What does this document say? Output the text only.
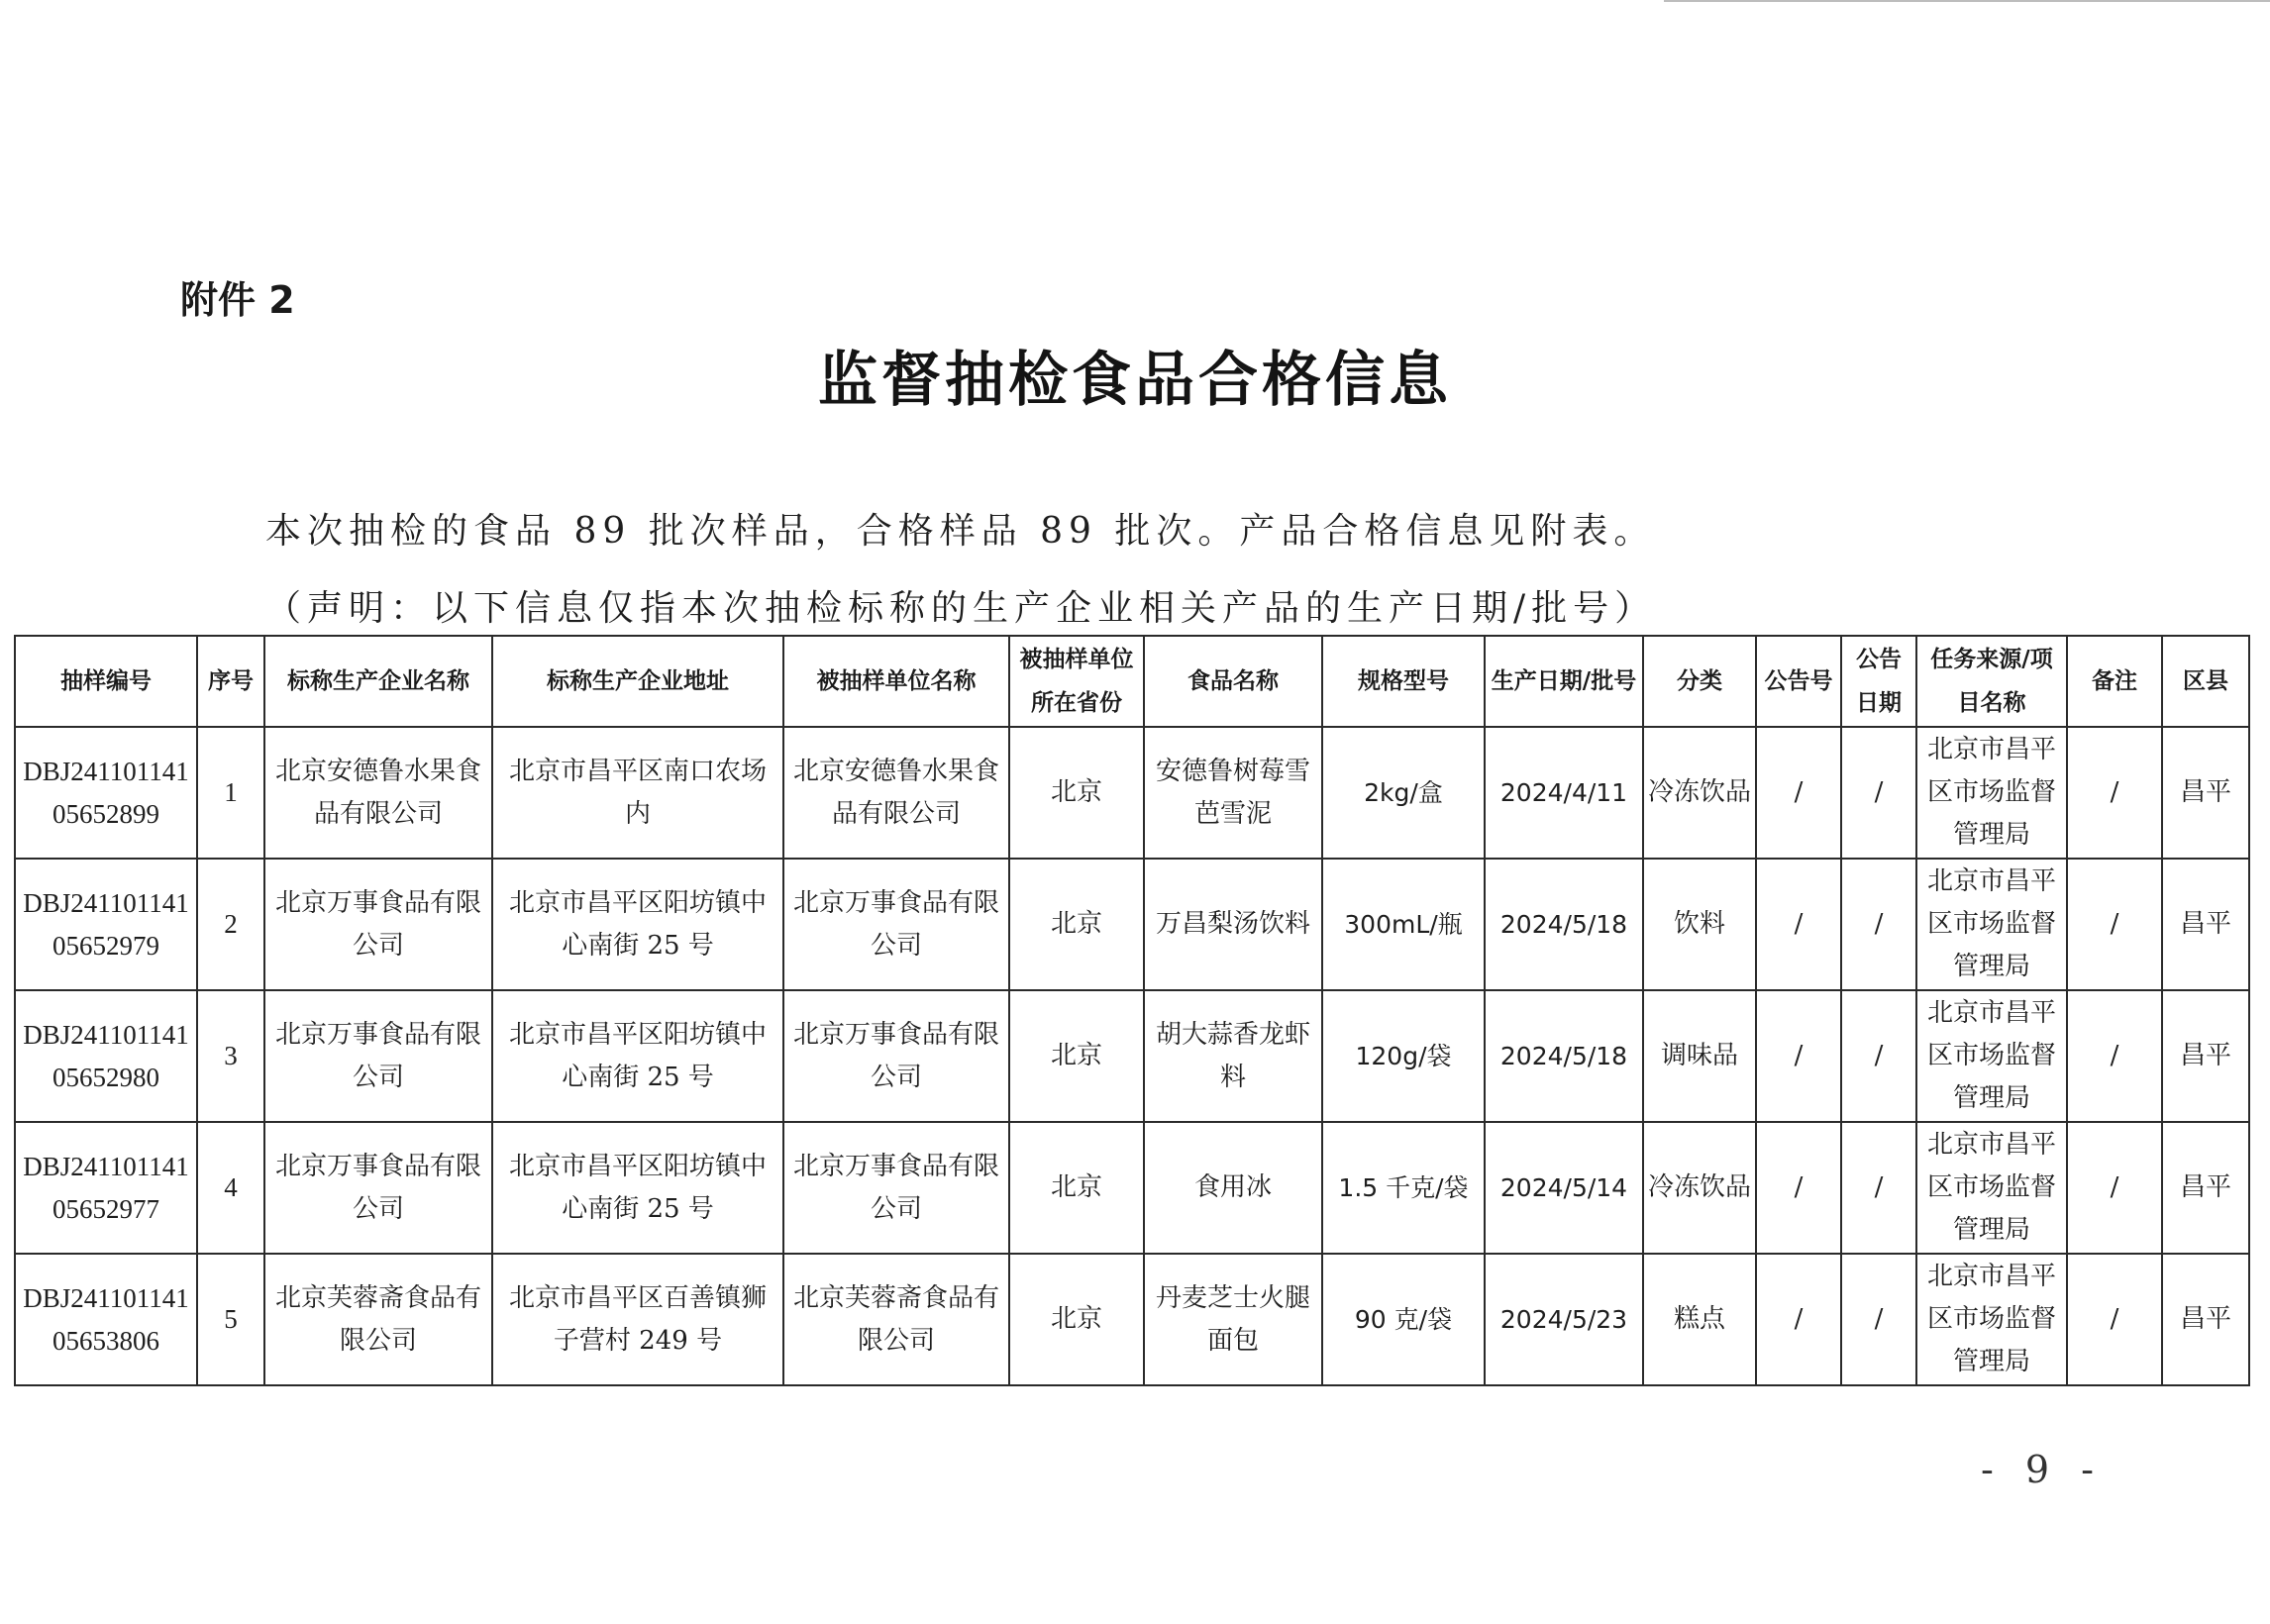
附件 2
监督抽检食品合格信息
本次抽检的食品 89 批次样品，合格样品 89 批次。产品合格信息见附表。
（声明：以下信息仅指本次抽检标称的生产企业相关产品的生产日期/批号）
抽样编号	序号	标称生产企业名称	标称生产企业地址	被抽样单位名称	被抽样单位所在省份	食品名称	规格型号	生产日期/批号	分类	公告号	公告日期	任务来源/项目名称	备注	区县
DBJ24110114105652899	1	北京安德鲁水果食品有限公司	北京市昌平区南口农场内	北京安德鲁水果食品有限公司	北京	安德鲁树莓雪芭雪泥	2kg/盒	2024/4/11	冷冻饮品	/	/	北京市昌平区市场监督管理局	/	昌平
DBJ24110114105652979	2	北京万事食品有限公司	北京市昌平区阳坊镇中心南街 25 号	北京万事食品有限公司	北京	万昌梨汤饮料	300mL/瓶	2024/5/18	饮料	/	/	北京市昌平区市场监督管理局	/	昌平
DBJ24110114105652980	3	北京万事食品有限公司	北京市昌平区阳坊镇中心南街 25 号	北京万事食品有限公司	北京	胡大蒜香龙虾料	120g/袋	2024/5/18	调味品	/	/	北京市昌平区市场监督管理局	/	昌平
DBJ24110114105652977	4	北京万事食品有限公司	北京市昌平区阳坊镇中心南街 25 号	北京万事食品有限公司	北京	食用冰	1.5 千克/袋	2024/5/14	冷冻饮品	/	/	北京市昌平区市场监督管理局	/	昌平
DBJ24110114105653806	5	北京芙蓉斋食品有限公司	北京市昌平区百善镇狮子营村 249 号	北京芙蓉斋食品有限公司	北京	丹麦芝士火腿面包	90 克/袋	2024/5/23	糕点	/	/	北京市昌平区市场监督管理局	/	昌平
- 9 -
